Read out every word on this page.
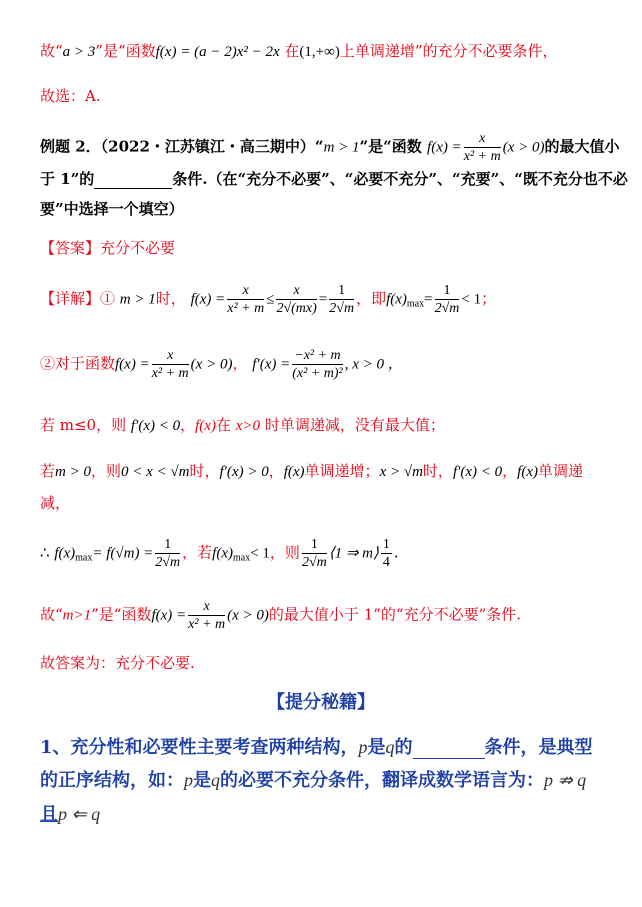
故“a > 3”是“函数f(x) = (a − 2)x² − 2x 在(1,+∞)上单调递增”的充分不必要条件，
故选：A.
例题 2．（2022・江苏镇江・高三期中）“m > 1”是“函数 $f(x) = \frac{x}{\text{x² + m}} (x > 0)$的最大值小
于 1”的	条件.（在“充分不必要”、“必要不充分”、“充要”、“既不充分也不必
要”中选择一个填空）
【答案】充分不必要
【详解】① m > 1时， $f(x) = \frac{x}{\text{x² + m}} \le \frac{x}{2√(mx)} = \frac{1}{2√m}$ ，即$f(x)_{max}= \frac{1}{2√m} < 1$；
②对于函数$f(x) = \frac{x}{\text{x² + m}} (x > 0)$， $f'(x) = \frac{\text{−x² + m}}{\text{(x² + m)²}}$ , x > 0 ，
若 m≤0，则 f′(x) < 0，f(x)在 x>0 时单调递减，没有最大值；
若m > 0，则0 < x < √m时，f′(x) > 0，f(x)单调递增；x > √m时，f′(x) < 0，f(x)单调递
减，
∴ $f(x)_{max}= f(√m) = \frac{1}{2√m}$ ，若$f(x)_{max}< 1$，则 $\frac{1}{2√m}$ ⟨1 ⇒ m⟩ $\frac{1}{4}$ .
故“m>1”是“函数$f(x) = \frac{x}{\text{x² + m}} (x > 0)$的最大值小于 1”的“充分不必要”条件.
故答案为：充分不必要.
【提分秘籍】
1、充分性和必要性主要考查两种结构，p是q的	条件，是典型
的正序结构，如：p是q的必要不充分条件，翻译成数学语言为：p ⇏ q
且p ⇐ q
